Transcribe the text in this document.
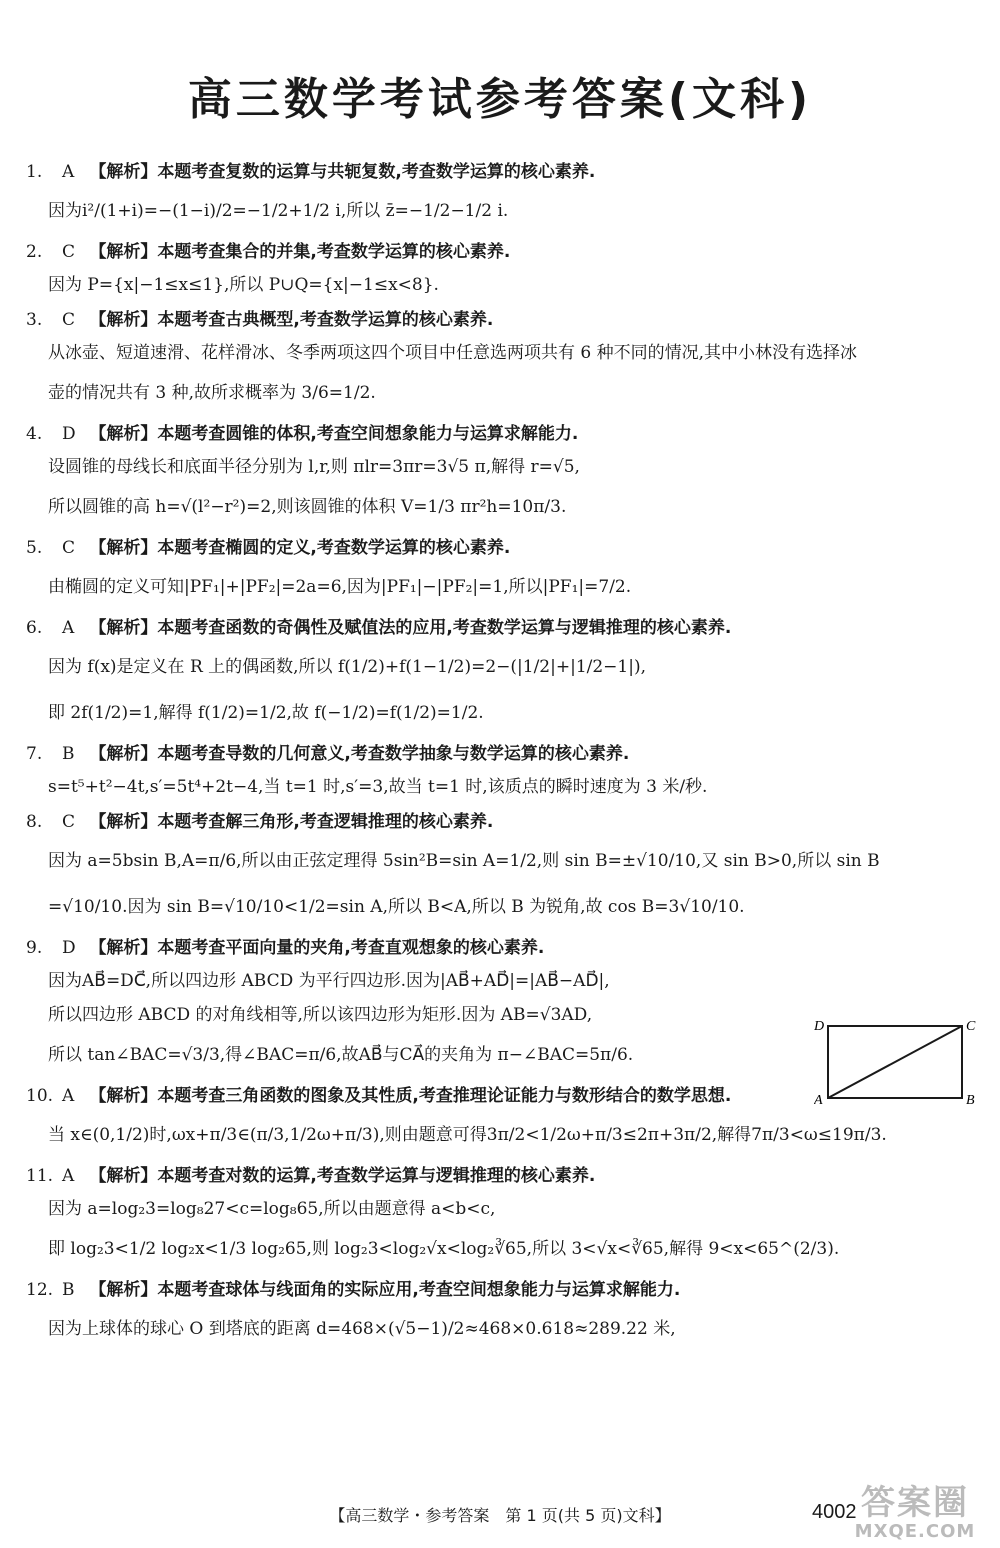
高三数学考试参考答案(文科)
1. A 【解析】本题考查复数的运算与共轭复数,考查数学运算的核心素养.
因为i²/(1+i)=−(1−i)/2=−1/2+1/2 i,所以 z̄=−1/2−1/2 i.
2. C 【解析】本题考查集合的并集,考查数学运算的核心素养.
因为 P={x|−1≤x≤1},所以 P∪Q={x|−1≤x<8}.
3. C 【解析】本题考查古典概型,考查数学运算的核心素养.
从冰壶、短道速滑、花样滑冰、冬季两项这四个项目中任意选两项共有 6 种不同的情况,其中小林没有选择冰
壶的情况共有 3 种,故所求概率为 3/6=1/2.
4. D 【解析】本题考查圆锥的体积,考查空间想象能力与运算求解能力.
设圆锥的母线长和底面半径分别为 l,r,则 πlr=3πr=3√5 π,解得 r=√5,
所以圆锥的高 h=√(l²−r²)=2,则该圆锥的体积 V=1/3 πr²h=10π/3.
5. C 【解析】本题考查椭圆的定义,考查数学运算的核心素养.
由椭圆的定义可知|PF₁|+|PF₂|=2a=6,因为|PF₁|−|PF₂|=1,所以|PF₁|=7/2.
6. A 【解析】本题考查函数的奇偶性及赋值法的应用,考查数学运算与逻辑推理的核心素养.
因为 f(x)是定义在 R 上的偶函数,所以 f(1/2)+f(1−1/2)=2−(|1/2|+|1/2−1|),
即 2f(1/2)=1,解得 f(1/2)=1/2,故 f(−1/2)=f(1/2)=1/2.
7. B 【解析】本题考查导数的几何意义,考查数学抽象与数学运算的核心素养.
s=t⁵+t²−4t,s′=5t⁴+2t−4,当 t=1 时,s′=3,故当 t=1 时,该质点的瞬时速度为 3 米/秒.
8. C 【解析】本题考查解三角形,考查逻辑推理的核心素养.
因为 a=5bsin B,A=π/6,所以由正弦定理得 5sin²B=sin A=1/2,则 sin B=±√10/10,又 sin B>0,所以 sin B
=√10/10.因为 sin B=√10/10<1/2=sin A,所以 B<A,所以 B 为锐角,故 cos B=3√10/10.
9. D 【解析】本题考查平面向量的夹角,考查直观想象的核心素养.
因为AB⃗=DC⃗,所以四边形 ABCD 为平行四边形.因为|AB⃗+AD⃗|=|AB⃗−AD⃗|,
所以四边形 ABCD 的对角线相等,所以该四边形为矩形.因为 AB=√3AD,
所以 tan∠BAC=√3/3,得∠BAC=π/6,故AB⃗与CA⃗的夹角为 π−∠BAC=5π/6.
10. A 【解析】本题考查三角函数的图象及其性质,考查推理论证能力与数形结合的数学思想.
当 x∈(0,1/2)时,ωx+π/3∈(π/3,1/2ω+π/3),则由题意可得3π/2<1/2ω+π/3≤2π+3π/2,解得7π/3<ω≤19π/3.
11. A 【解析】本题考查对数的运算,考查数学运算与逻辑推理的核心素养.
因为 a=log₂3=log₈27<c=log₈65,所以由题意得 a<b<c,
即 log₂3<1/2 log₂x<1/3 log₂65,则 log₂3<log₂√x<log₂∛65,所以 3<√x<∛65,解得 9<x<65^(2/3).
12. B 【解析】本题考查球体与线面角的实际应用,考查空间想象能力与运算求解能力.
因为上球体的球心 O 到塔底的距离 d=468×(√5−1)/2≈468×0.618≈289.22 米,
D	C
A	B
【高三数学・参考答案　第 1 页(共 5 页)文科】	4002 答案圈
MXQE.COM
